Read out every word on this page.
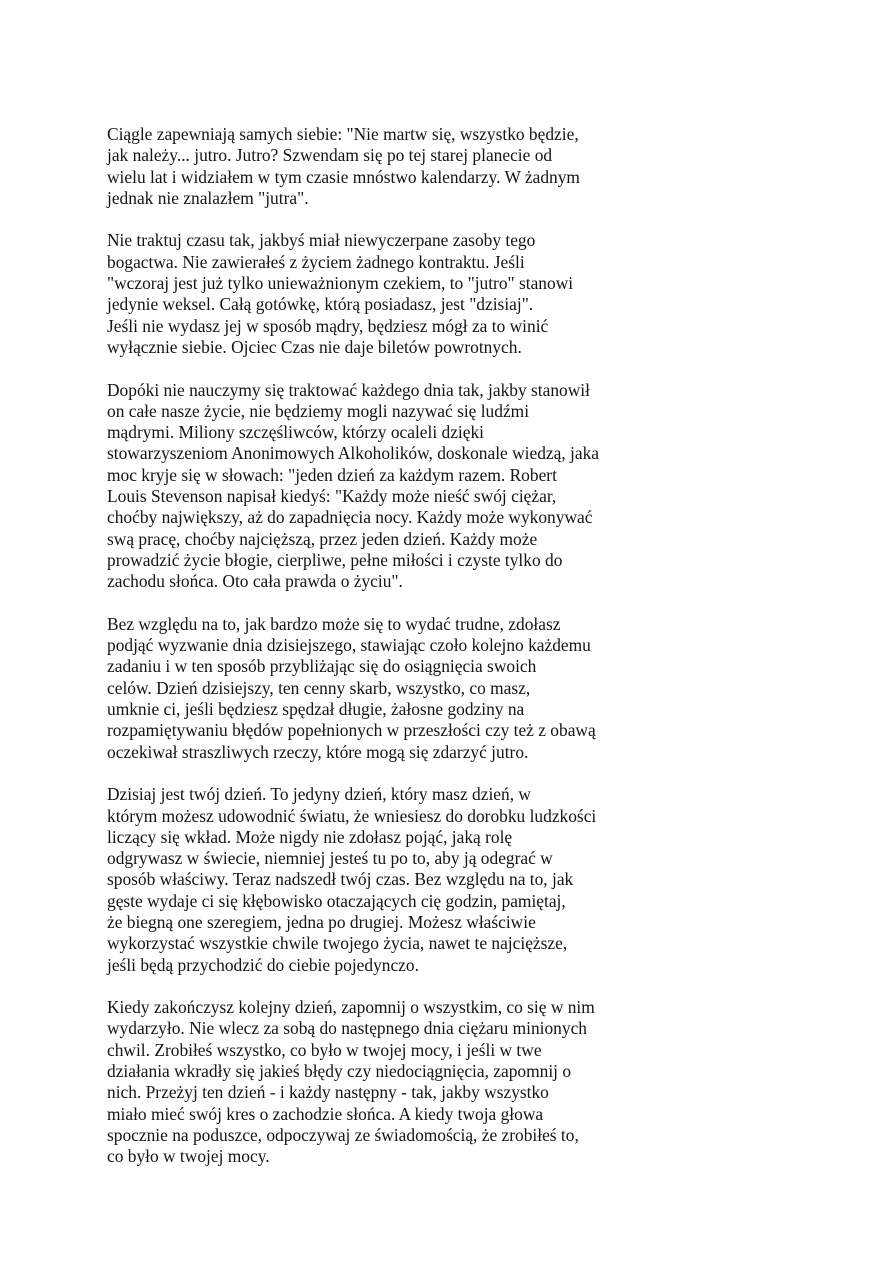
Ciągle zapewniają samych siebie: "Nie martw się, wszystko będzie,
jak należy... jutro. Jutro? Szwendam się po tej starej planecie od
wielu lat i widziałem w tym czasie mnóstwo kalendarzy. W żadnym
jednak nie znalazłem "jutra".
Nie traktuj czasu tak, jakbyś miał niewyczerpane zasoby tego
bogactwa. Nie zawierałeś z życiem żadnego kontraktu. Jeśli
"wczoraj jest już tylko unieważnionym czekiem, to "jutro" stanowi
jedynie weksel. Całą gotówkę, którą posiadasz, jest "dzisiaj".
Jeśli nie wydasz jej w sposób mądry, będziesz mógł za to winić
wyłącznie siebie. Ojciec Czas nie daje biletów powrotnych.
Dopóki nie nauczymy się traktować każdego dnia tak, jakby stanowił
on całe nasze życie, nie będziemy mogli nazywać się ludźmi
mądrymi. Miliony szczęśliwców, którzy ocaleli dzięki
stowarzyszeniom Anonimowych Alkoholików, doskonale wiedzą, jaka
moc kryje się w słowach: "jeden dzień za każdym razem. Robert
Louis Stevenson napisał kiedyś: "Każdy może nieść swój ciężar,
choćby największy, aż do zapadnięcia nocy. Każdy może wykonywać
swą pracę, choćby najcięższą, przez jeden dzień. Każdy może
prowadzić życie błogie, cierpliwe, pełne miłości i czyste tylko do
zachodu słońca. Oto cała prawda o życiu".
Bez względu na to, jak bardzo może się to wydać trudne, zdołasz
podjąć wyzwanie dnia dzisiejszego, stawiając czoło kolejno każdemu
zadaniu i w ten sposób przybliżając się do osiągnięcia swoich
celów. Dzień dzisiejszy, ten cenny skarb, wszystko, co masz,
umknie ci, jeśli będziesz spędzał długie, żałosne godziny na
rozpamiętywaniu błędów popełnionych w przeszłości czy też z obawą
oczekiwał straszliwych rzeczy, które mogą się zdarzyć jutro.
Dzisiaj jest twój dzień. To jedyny dzień, który masz dzień, w
którym możesz udowodnić światu, że wniesiesz do dorobku ludzkości
liczący się wkład. Może nigdy nie zdołasz pojąć, jaką rolę
odgrywasz w świecie, niemniej jesteś tu po to, aby ją odegrać w
sposób właściwy. Teraz nadszedł twój czas. Bez względu na to, jak
gęste wydaje ci się kłębowisko otaczających cię godzin, pamiętaj,
że biegną one szeregiem, jedna po drugiej. Możesz właściwie
wykorzystać wszystkie chwile twojego życia, nawet te najcięższe,
jeśli będą przychodzić do ciebie pojedynczo.
Kiedy zakończysz kolejny dzień, zapomnij o wszystkim, co się w nim
wydarzyło. Nie wlecz za sobą do następnego dnia ciężaru minionych
chwil. Zrobiłeś wszystko, co było w twojej mocy, i jeśli w twe
działania wkradły się jakieś błędy czy niedociągnięcia, zapomnij o
nich. Przeżyj ten dzień - i każdy następny - tak, jakby wszystko
miało mieć swój kres o zachodzie słońca. A kiedy twoja głowa
spocznie na poduszce, odpoczywaj ze świadomością, że zrobiłeś to,
co było w twojej mocy.
